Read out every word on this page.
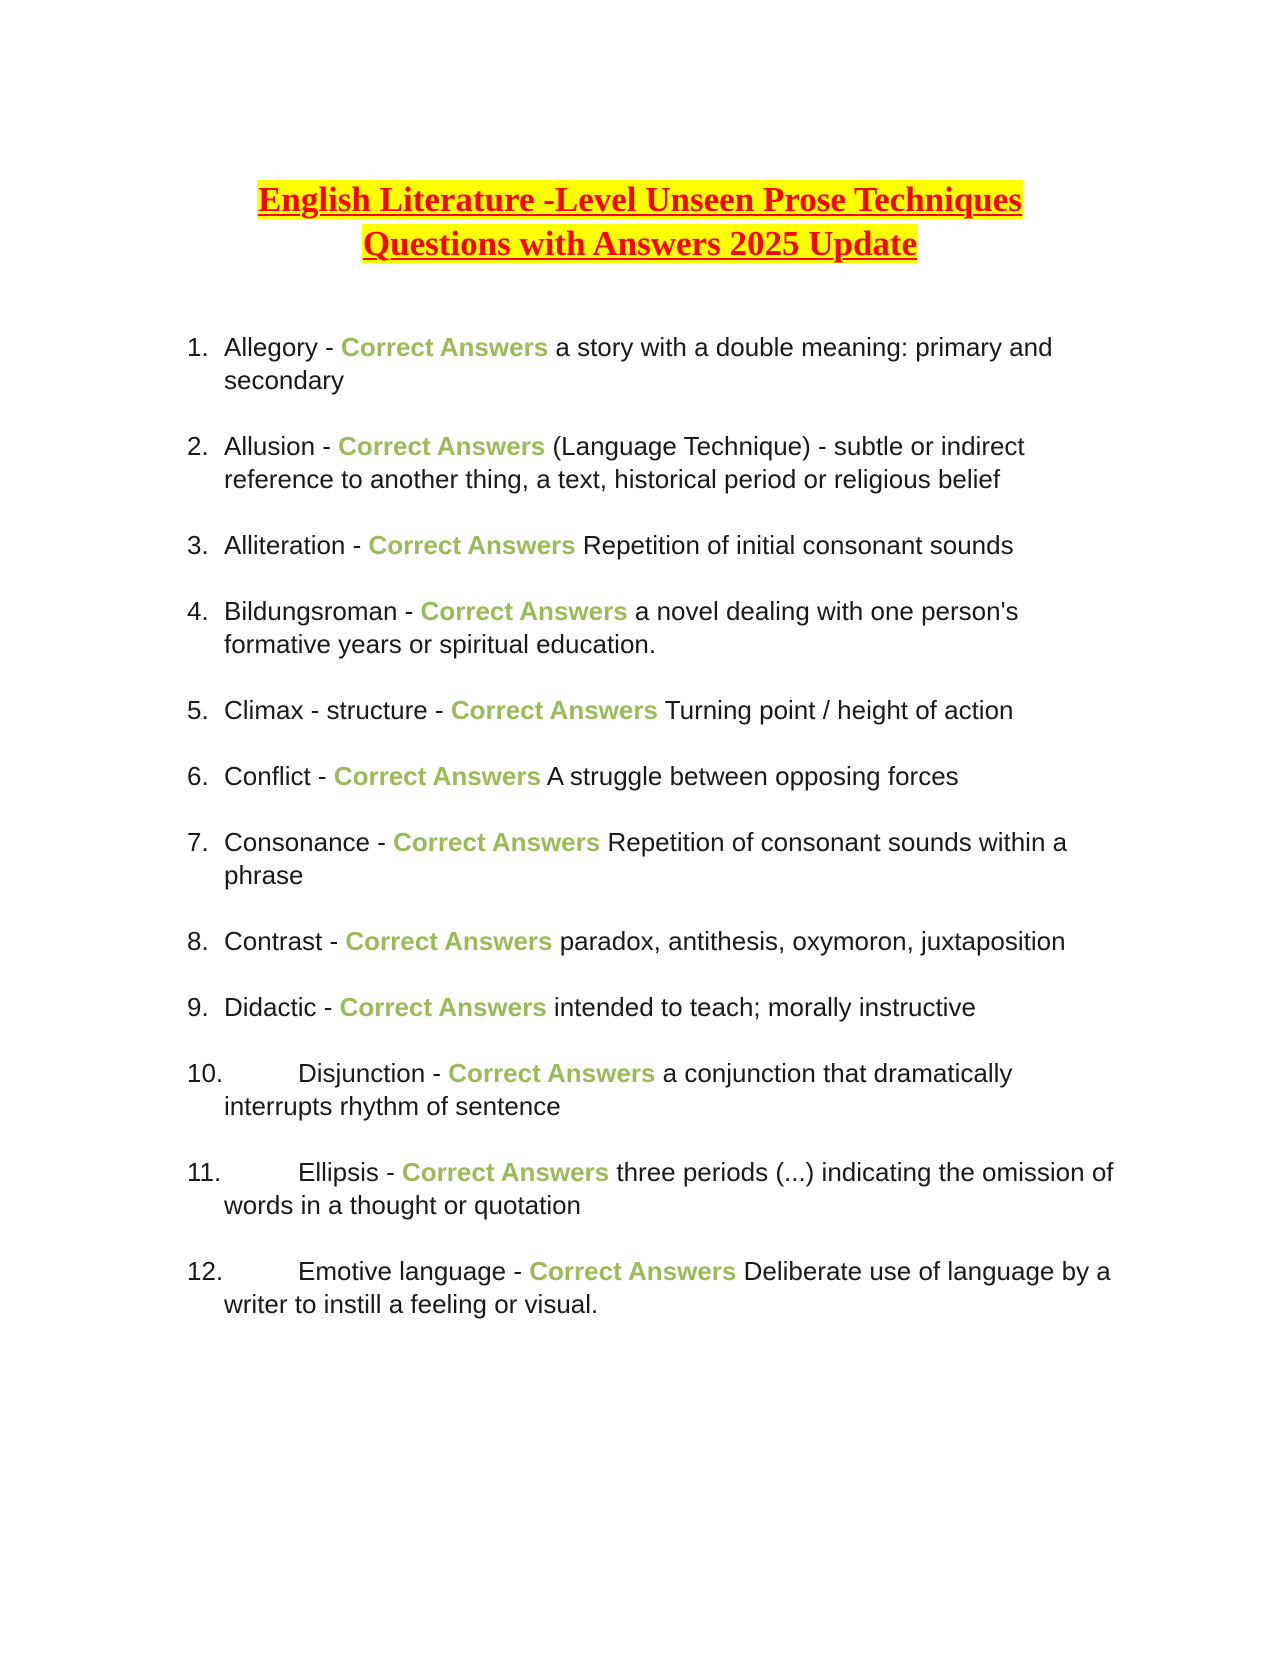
English Literature -Level Unseen Prose Techniques
Questions with Answers 2025 Update
1. Allegory - Correct Answers a story with a double meaning: primary and secondary
2. Allusion - Correct Answers (Language Technique) - subtle or indirect reference to another thing, a text, historical period or religious belief
3. Alliteration - Correct Answers Repetition of initial consonant sounds
4. Bildungsroman - Correct Answers a novel dealing with one person's formative years or spiritual education.
5. Climax - structure - Correct Answers Turning point / height of action
6. Conflict - Correct Answers A struggle between opposing forces
7. Consonance - Correct Answers Repetition of consonant sounds within a phrase
8. Contrast - Correct Answers paradox, antithesis, oxymoron, juxtaposition
9. Didactic - Correct Answers intended to teach; morally instructive
10.	Disjunction - Correct Answers a conjunction that dramatically interrupts rhythm of sentence
11.	Ellipsis - Correct Answers three periods (...) indicating the omission of words in a thought or quotation
12.	Emotive language - Correct Answers Deliberate use of language by a writer to instill a feeling or visual.
